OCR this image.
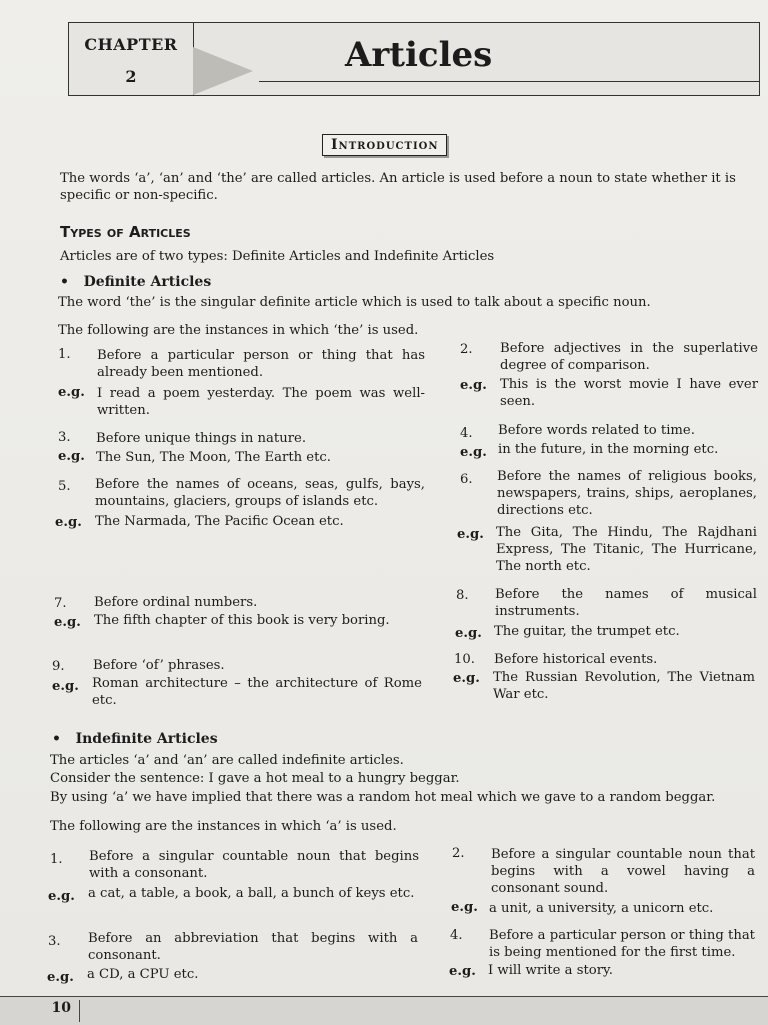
CHAPTER
2
Articles
Introduction
The words ‘a’, ‘an’ and ‘the’ are called articles. An article is used before a noun to state whether it is specific or non-specific.
Types of Articles
Articles are of two types: Definite Articles and Indefinite Articles
• Definite Articles
The word ‘the’ is the singular definite article which is used to talk about a specific noun.
The following are the instances in which ‘the’ is used.
1.	Before a particular person or thing that has already been mentioned.
e.g. I read a poem yesterday. The poem was well-written.
2.	Before adjectives in the superlative degree of comparison.
e.g. This is the worst movie I have ever seen.
3.	Before unique things in nature.
e.g. The Sun, The Moon, The Earth etc.
4.	Before words related to time.
e.g. in the future, in the morning etc.
5.	Before the names of oceans, seas, gulfs, bays, mountains, glaciers, groups of islands etc.
e.g. The Narmada, The Pacific Ocean etc.
6.	Before the names of religious books, newspapers, trains, ships, aeroplanes, directions etc.
e.g. The Gita, The Hindu, The Rajdhani Express, The Titanic, The Hurricane, The north etc.
7.	Before ordinal numbers.
e.g. The fifth chapter of this book is very boring.
8.	Before the names of musical instruments.
e.g. The guitar, the trumpet etc.
9.	Before ‘of’ phrases.
e.g. Roman architecture – the architecture of Rome etc.
10.	Before historical events.
e.g. The Russian Revolution, The Vietnam War etc.
• Indefinite Articles
The articles ‘a’ and ‘an’ are called indefinite articles.
Consider the sentence: I gave a hot meal to a hungry beggar.
By using ‘a’ we have implied that there was a random hot meal which we gave to a random beggar.
The following are the instances in which ‘a’ is used.
1.	Before a singular countable noun that begins with a consonant.
e.g. a cat, a table, a book, a ball, a bunch of keys etc.
2.	Before a singular countable noun that begins with a vowel having a consonant sound.
e.g. a unit, a university, a unicorn etc.
3.	Before an abbreviation that begins with a consonant.
e.g. a CD, a CPU etc.
4.	Before a particular person or thing that is being mentioned for the first time.
e.g. I will write a story.
10
